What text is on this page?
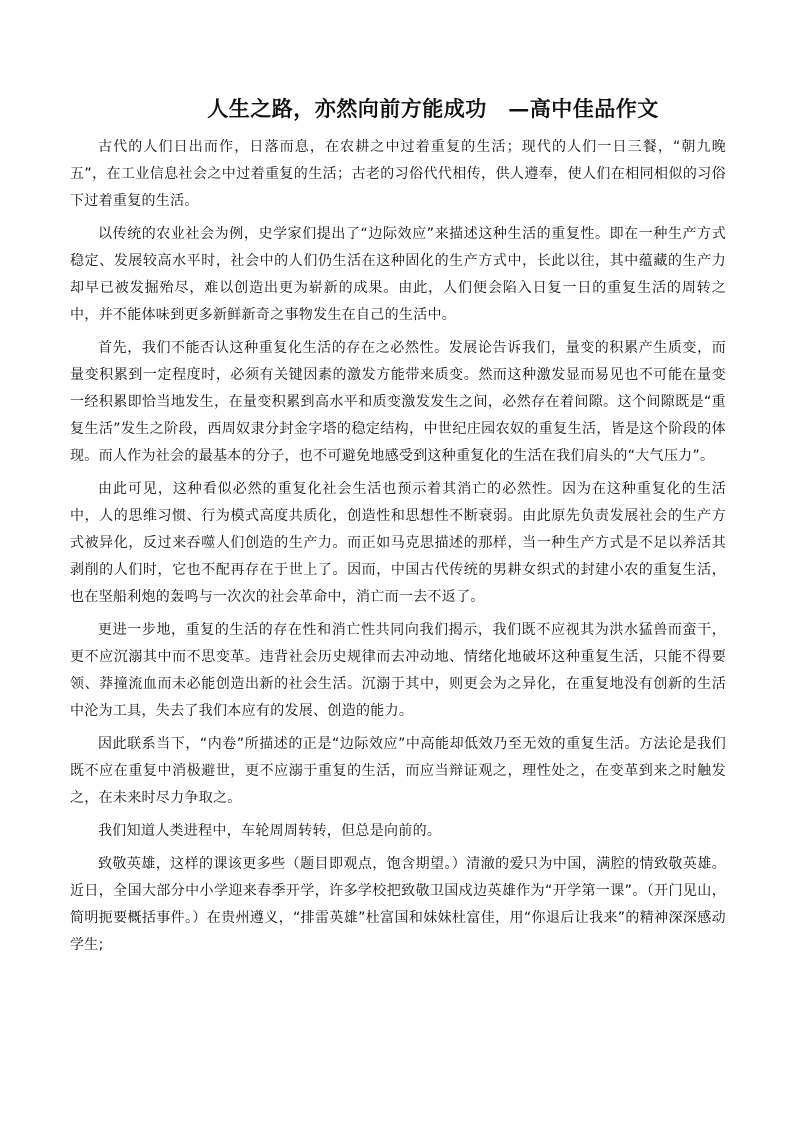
人生之路，亦然向前方能成功　—高中佳品作文

古代的人们日出而作，日落而息，在农耕之中过着重复的生活；现代的人们一日三餐，“朝九晚五”，在工业信息社会之中过着重复的生活；古老的习俗代代相传，供人遵奉，使人们在相同相似的习俗下过着重复的生活。

以传统的农业社会为例，史学家们提出了“边际效应”来描述这种生活的重复性。即在一种生产方式稳定、发展较高水平时，社会中的人们仍生活在这种固化的生产方式中，长此以往，其中蕴藏的生产力却早已被发掘殆尽，难以创造出更为崭新的成果。由此，人们便会陷入日复一日的重复生活的周转之中，并不能体味到更多新鲜新奇之事物发生在自己的生活中。

首先，我们不能否认这种重复化生活的存在之必然性。发展论告诉我们，量变的积累产生质变，而量变积累到一定程度时，必须有关键因素的激发方能带来质变。然而这种激发显而易见也不可能在量变一经积累即恰当地发生，在量变积累到高水平和质变激发发生之间，必然存在着间隙。这个间隙既是“重复生活”发生之阶段，西周奴隶分封金字塔的稳定结构，中世纪庄园农奴的重复生活，皆是这个阶段的体现。而人作为社会的最基本的分子，也不可避免地感受到这种重复化的生活在我们肩头的“大气压力”。

由此可见，这种看似必然的重复化社会生活也预示着其消亡的必然性。因为在这种重复化的生活中，人的思维习惯、行为模式高度共质化，创造性和思想性不断衰弱。由此原先负责发展社会的生产方式被异化，反过来吞噬人们创造的生产力。而正如马克思描述的那样，当一种生产方式是不足以养活其剥削的人们时，它也不配再存在于世上了。因而，中国古代传统的男耕女织式的封建小农的重复生活，也在坚船利炮的轰鸣与一次次的社会革命中，消亡而一去不返了。

更进一步地，重复的生活的存在性和消亡性共同向我们揭示，我们既不应视其为洪水猛兽而蛮干，更不应沉溺其中而不思变革。违背社会历史规律而去冲动地、情绪化地破坏这种重复生活，只能不得要领、莽撞流血而未必能创造出新的社会生活。沉溺于其中，则更会为之异化，在重复地没有创新的生活中沦为工具，失去了我们本应有的发展、创造的能力。

因此联系当下，“内卷”所描述的正是“边际效应”中高能却低效乃至无效的重复生活。方法论是我们既不应在重复中消极避世，更不应溺于重复的生活，而应当辩证观之，理性处之，在变革到来之时触发之，在未来时尽力争取之。

我们知道人类进程中，车轮周周转转，但总是向前的。

致敬英雄，这样的课该更多些（题目即观点，饱含期望。）清澈的爱只为中国，满腔的情致敬英雄。近日，全国大部分中小学迎来春季开学，许多学校把致敬卫国戍边英雄作为“开学第一课”。（开门见山，简明扼要概括事件。）在贵州遵义，“排雷英雄”杜富国和妹妹杜富佳，用“你退后让我来”的精神深深感动学生;
